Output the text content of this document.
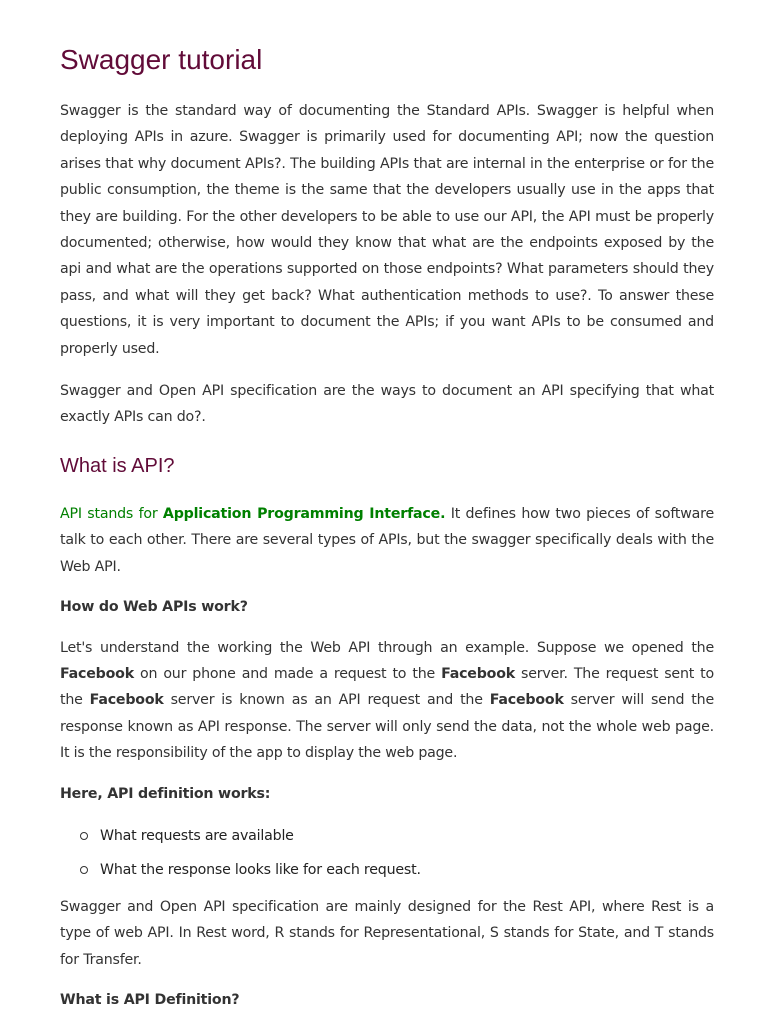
Swagger tutorial

Swagger is the standard way of documenting the Standard APIs. Swagger is helpful when deploying APIs in azure. Swagger is primarily used for documenting API; now the question arises that why document APIs?. The building APIs that are internal in the enterprise or for the public consumption, the theme is the same that the developers usually use in the apps that they are building. For the other developers to be able to use our API, the API must be properly documented; otherwise, how would they know that what are the endpoints exposed by the api and what are the operations supported on those endpoints? What parameters should they pass, and what will they get back? What authentication methods to use?. To answer these questions, it is very important to document the APIs; if you want APIs to be consumed and properly used.

Swagger and Open API specification are the ways to document an API specifying that what exactly APIs can do?.

What is API?

API stands for Application Programming Interface. It defines how two pieces of software talk to each other. There are several types of APIs, but the swagger specifically deals with the Web API.

How do Web APIs work?

Let's understand the working the Web API through an example. Suppose we opened the Facebook on our phone and made a request to the Facebook server. The request sent to the Facebook server is known as an API request and the Facebook server will send the response known as API response. The server will only send the data, not the whole web page. It is the responsibility of the app to display the web page.

Here, API definition works:
What requests are available
What the response looks like for each request.

Swagger and Open API specification are mainly designed for the Rest API, where Rest is a type of web API. In Rest word, R stands for Representational, S stands for State, and T stands for Transfer.

What is API Definition?
